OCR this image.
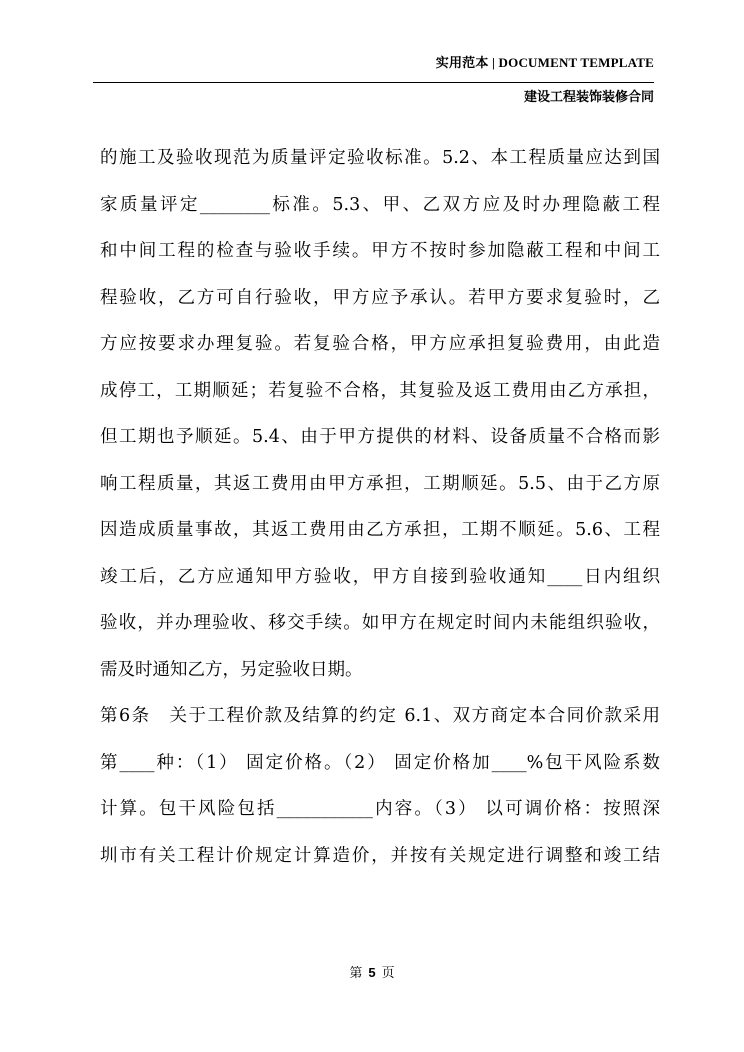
实用范本 | DOCUMENT TEMPLATE
建设工程装饰装修合同
的施工及验收现范为质量评定验收标准。5.2、本工程质量应达到国
家质量评定________标准。5.3、甲、乙双方应及时办理隐蔽工程
和中间工程的检查与验收手续。甲方不按时参加隐蔽工程和中间工
程验收，乙方可自行验收，甲方应予承认。若甲方要求复验时，乙
方应按要求办理复验。若复验合格，甲方应承担复验费用，由此造
成停工，工期顺延；若复验不合格，其复验及返工费用由乙方承担，
但工期也予顺延。5.4、由于甲方提供的材料、设备质量不合格而影
响工程质量，其返工费用由甲方承担，工期顺延。5.5、由于乙方原
因造成质量事故，其返工费用由乙方承担，工期不顺延。5.6、工程
竣工后，乙方应通知甲方验收，甲方自接到验收通知____日内组织
验收，并办理验收、移交手续。如甲方在规定时间内未能组织验收，
需及时通知乙方，另定验收日期。
第6条　关于工程价款及结算的约定 6.1、双方商定本合同价款采用
第____种：（1） 固定价格。（2） 固定价格加____%包干风险系数
计算。包干风险包括___________内容。（3） 以可调价格：按照深
圳市有关工程计价规定计算造价，并按有关规定进行调整和竣工结
第 5 页
